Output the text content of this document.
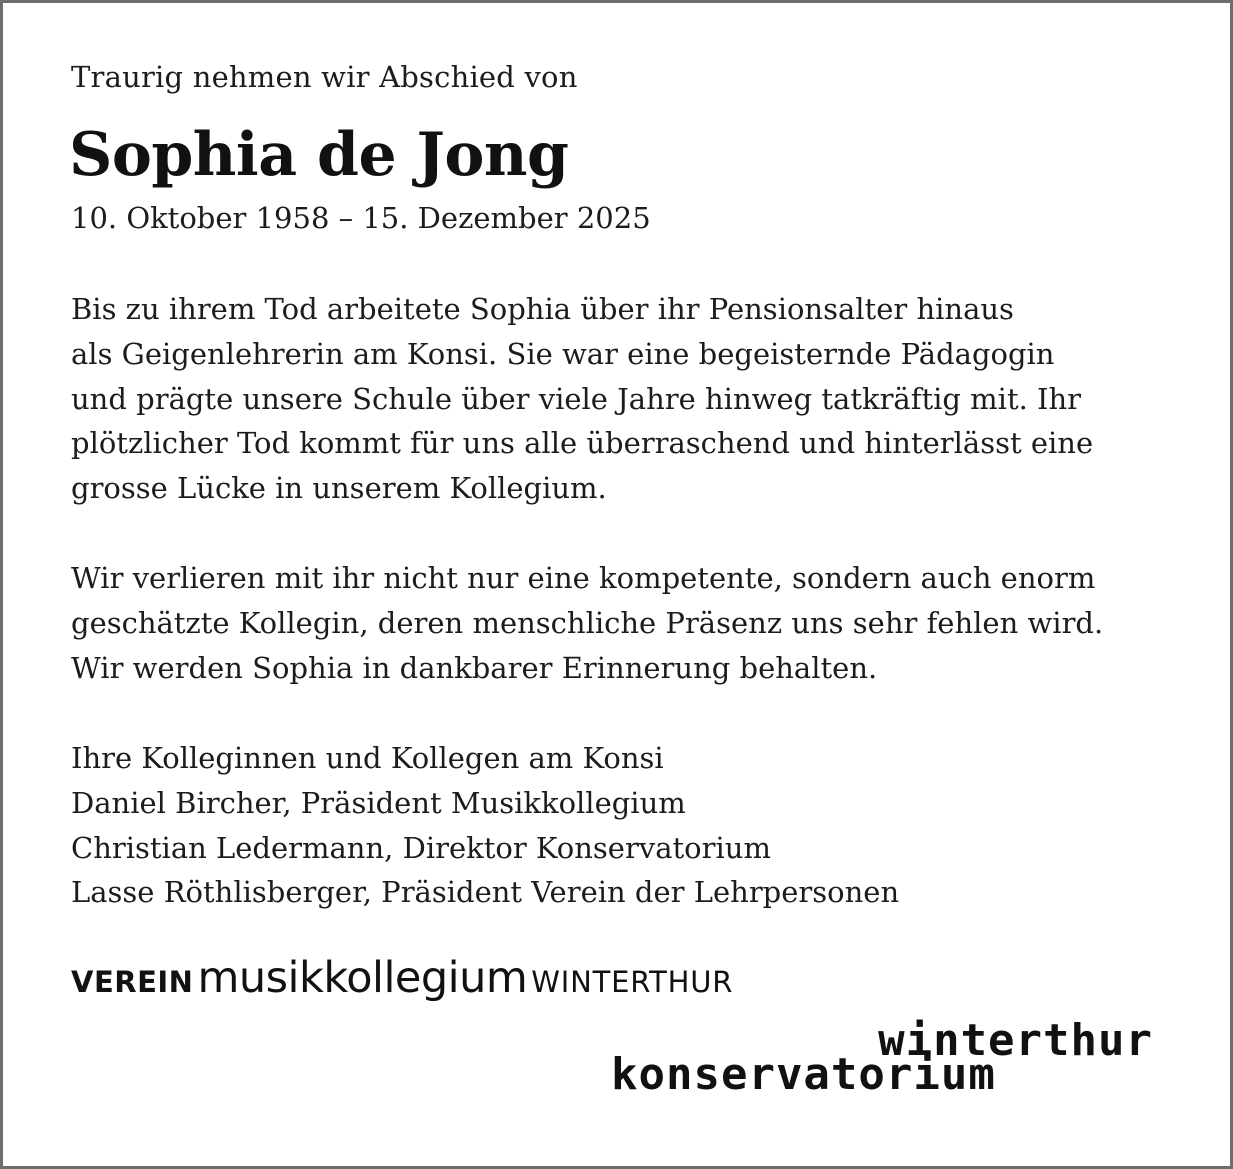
Traurig nehmen wir Abschied von
Sophia de Jong
10. Oktober 1958 – 15. Dezember 2025
Bis zu ihrem Tod arbeitete Sophia über ihr Pensionsalter hinaus
als Geigenlehrerin am Konsi. Sie war eine begeisternde Pädagogin
und prägte unsere Schule über viele Jahre hinweg tatkräftig mit. Ihr
plötzlicher Tod kommt für uns alle überraschend und hinterlässt eine
grosse Lücke in unserem Kollegium.
Wir verlieren mit ihr nicht nur eine kompetente, sondern auch enorm
geschätzte Kollegin, deren menschliche Präsenz uns sehr fehlen wird.
Wir werden Sophia in dankbarer Erinnerung behalten.
Ihre Kolleginnen und Kollegen am Konsi
Daniel Bircher, Präsident Musikkollegium
Christian Ledermann, Direktor Konservatorium
Lasse Röthlisberger, Präsident Verein der Lehrpersonen
VEREINmusikkollegium WINTERTHUR
winterthur
konservatorium
